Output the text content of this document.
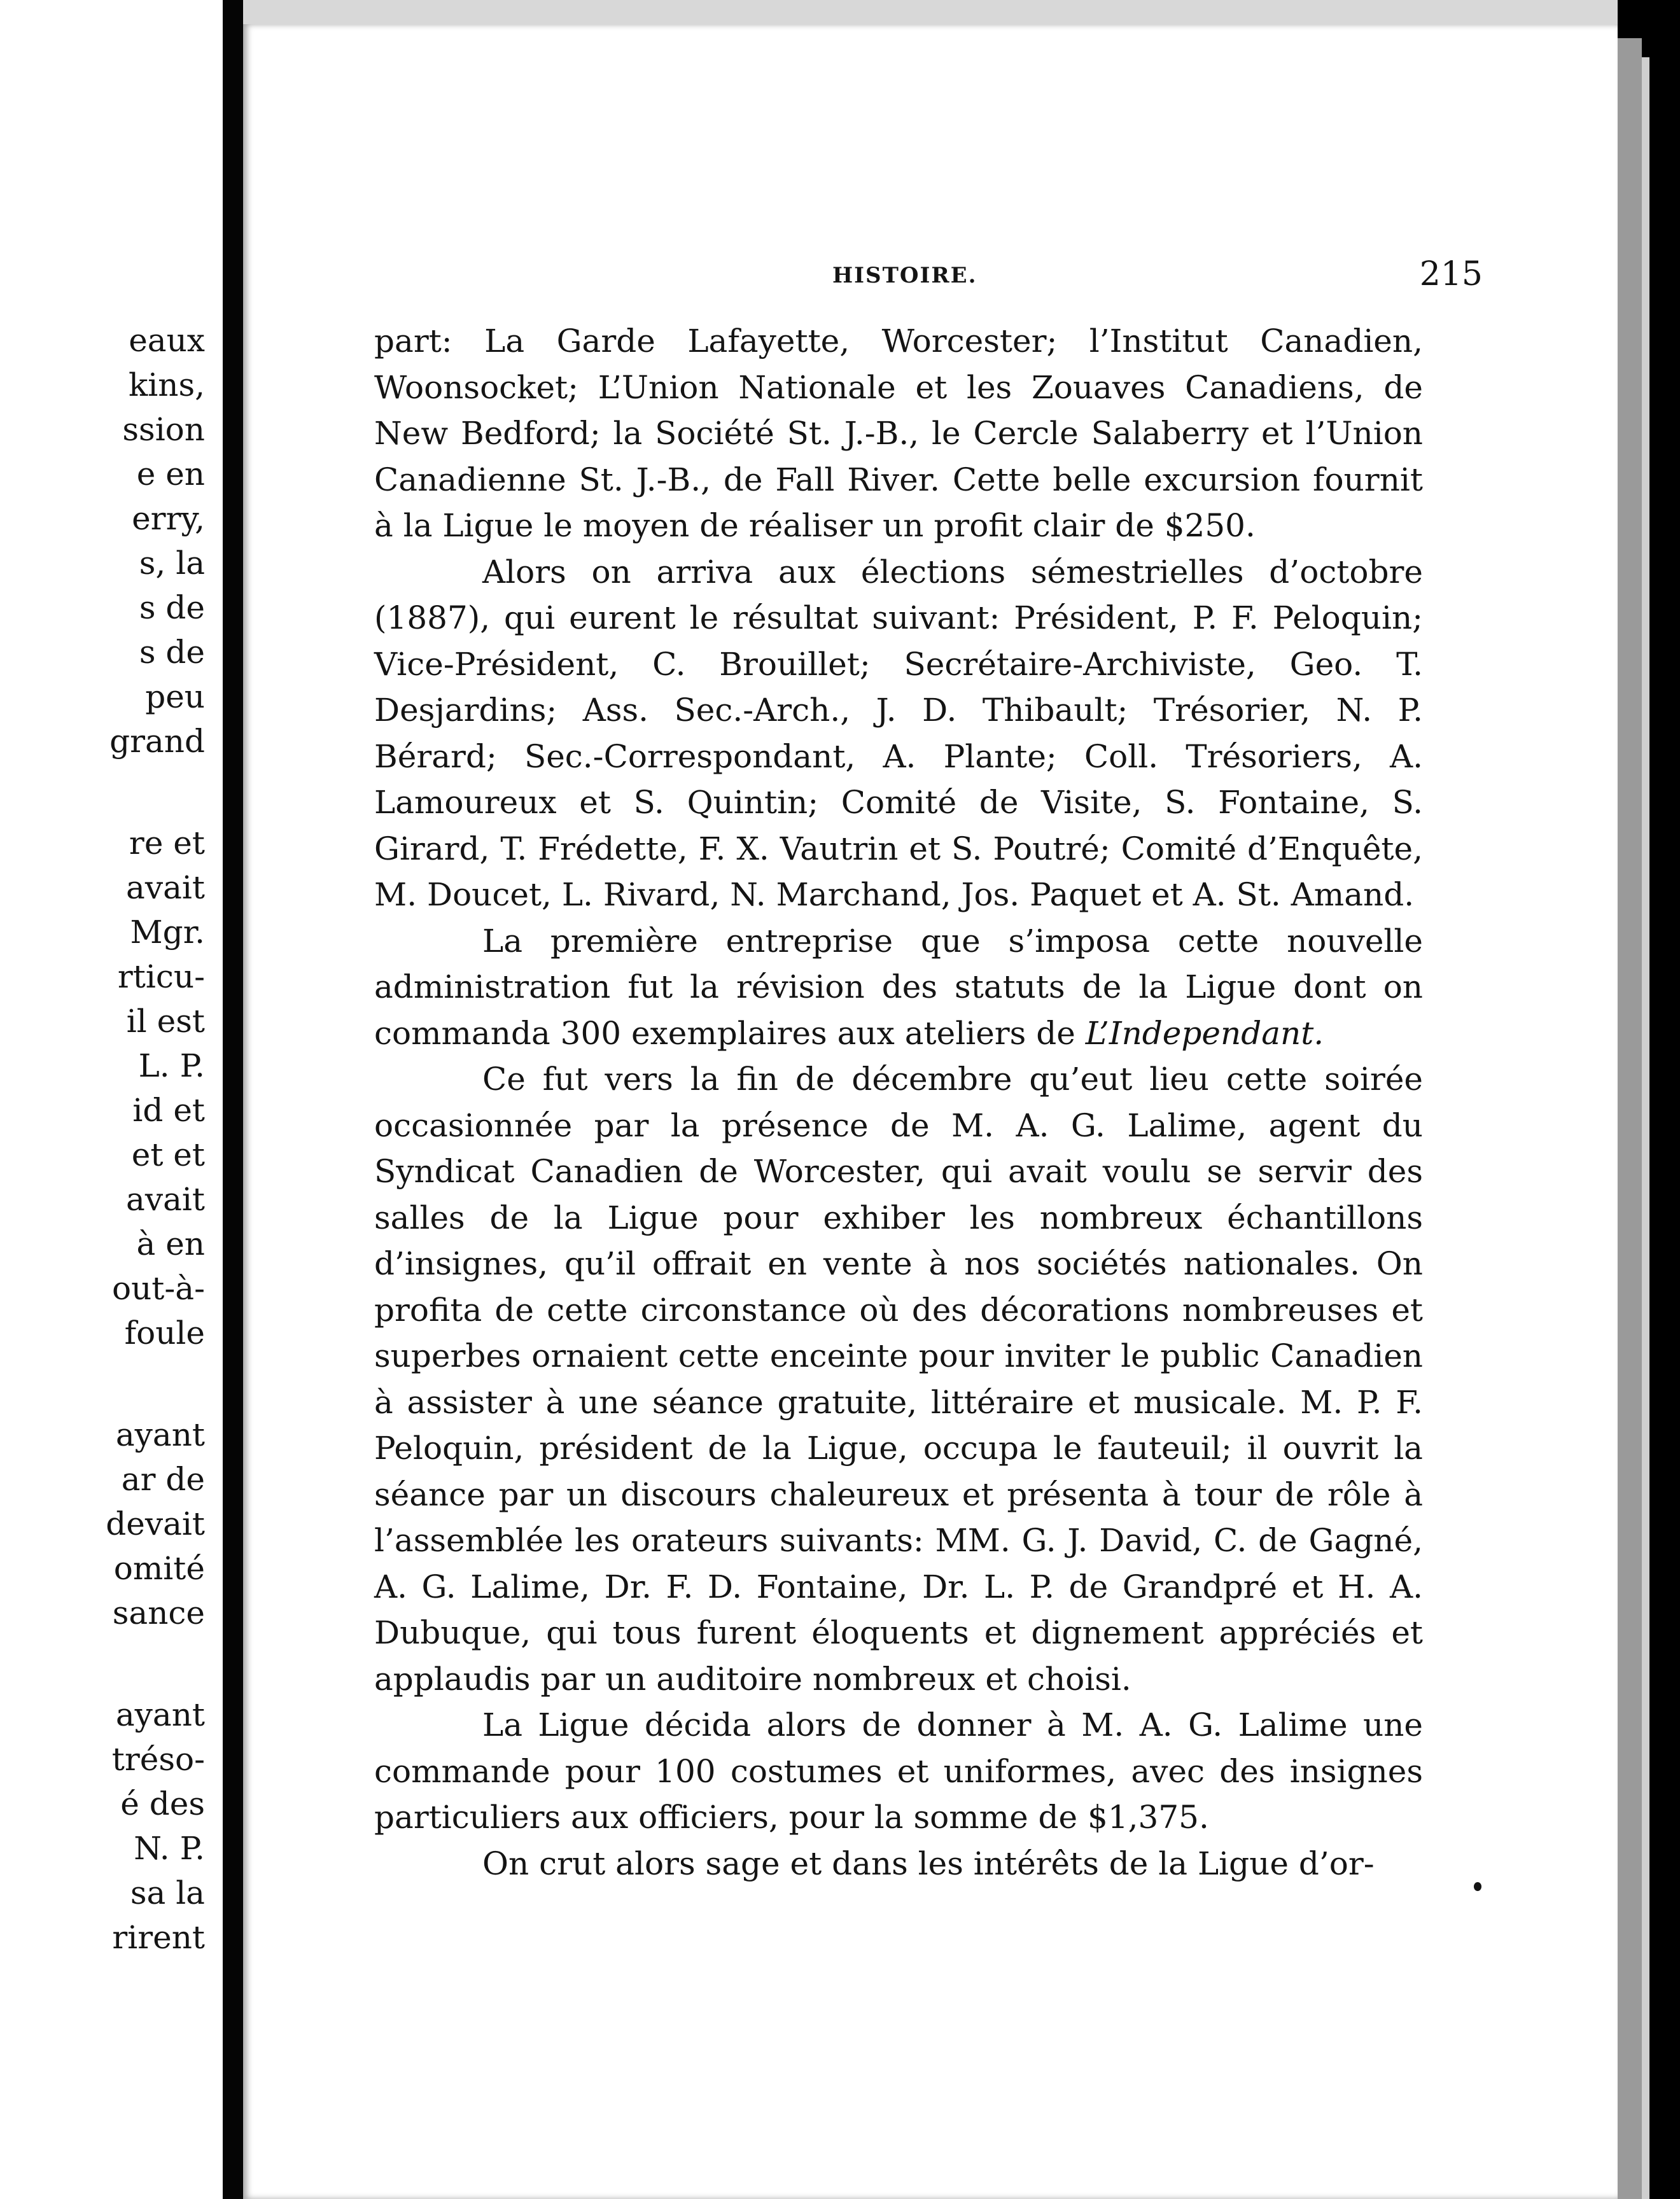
eaux
kins,
ssion
e en
erry,
s, la
s de
s de
peu
grand
re et
avait
Mgr.
rticu-
il est
L. P.
id et
et et
avait
à en
out-à-
foule
ayant
ar de
devait
omité
sance
ayant
tréso-
é des
N. P.
sa la
rirent
HISTOIRE.	215

part: La Garde Lafayette, Worcester; l’Institut Canadien, Woonsocket; L’Union Nationale et les Zouaves Canadiens, de New Bedford; la Société St. J.-B., le Cercle Salaberry et l’Union Canadienne St. J.-B., de Fall River. Cette belle excursion fournit à la Ligue le moyen de réaliser un profit clair de $250.

Alors on arriva aux élections sémestrielles d’octobre (1887), qui eurent le résultat suivant: Président, P. F. Peloquin; Vice-Président, C. Brouillet; Secrétaire-Archiviste, Geo. T. Desjardins; Ass. Sec.-Arch., J. D. Thibault; Trésorier, N. P. Bérard; Sec.-Correspondant, A. Plante; Coll. Trésoriers, A. Lamoureux et S. Quintin; Comité de Visite, S. Fontaine, S. Girard, T. Frédette, F. X. Vautrin et S. Poutré; Comité d’Enquête, M. Doucet, L. Rivard, N. Marchand, Jos. Paquet et A. St. Amand.

La première entreprise que s’imposa cette nouvelle administration fut la révision des statuts de la Ligue dont on commanda 300 exemplaires aux ateliers de L’Independant.

Ce fut vers la fin de décembre qu’eut lieu cette soirée occasionnée par la présence de M. A. G. Lalime, agent du Syndicat Canadien de Worcester, qui avait voulu se servir des salles de la Ligue pour exhiber les nombreux échantillons d’insignes, qu’il offrait en vente à nos sociétés nationales. On profita de cette circonstance où des décorations nombreuses et superbes ornaient cette enceinte pour inviter le public Canadien à assister à une séance gratuite, littéraire et musicale. M. P. F. Peloquin, président de la Ligue, occupa le fauteuil; il ouvrit la séance par un discours chaleureux et présenta à tour de rôle à l’assemblée les orateurs suivants: MM. G. J. David, C. de Gagné, A. G. Lalime, Dr. F. D. Fontaine, Dr. L. P. de Grandpré et H. A. Dubuque, qui tous furent éloquents et dignement appréciés et applaudis par un auditoire nombreux et choisi.

La Ligue décida alors de donner à M. A. G. Lalime une commande pour 100 costumes et uniformes, avec des insignes particuliers aux officiers, pour la somme de $1,375.

On crut alors sage et dans les intérêts de la Ligue d’or-
